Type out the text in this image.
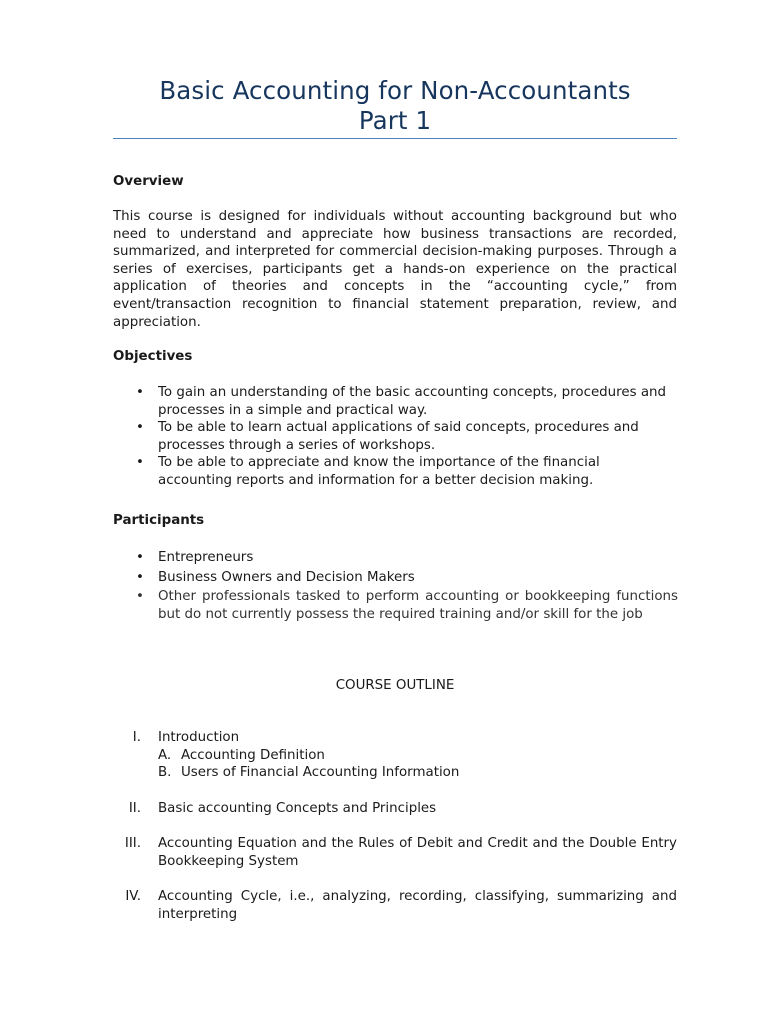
Basic Accounting for Non-Accountants
Part 1
Overview
This course is designed for individuals without accounting background but who need to understand and appreciate how business transactions are recorded, summarized, and interpreted for commercial decision-making purposes. Through a series of exercises, participants get a hands-on experience on the practical application of theories and concepts in the “accounting cycle,” from event/transaction recognition to financial statement preparation, review, and appreciation.
Objectives
• To gain an understanding of the basic accounting concepts, procedures and processes in a simple and practical way.
• To be able to learn actual applications of said concepts, procedures and processes through a series of workshops.
• To be able to appreciate and know the importance of the financial accounting reports and information for a better decision making.
Participants
• Entrepreneurs
• Business Owners and Decision Makers
• Other professionals tasked to perform accounting or bookkeeping functions but do not currently possess the required training and/or skill for the job
COURSE OUTLINE
I. Introduction
A. Accounting Definition
B. Users of Financial Accounting Information
II. Basic accounting Concepts and Principles
III. Accounting Equation and the Rules of Debit and Credit and the Double Entry Bookkeeping System
IV. Accounting Cycle, i.e., analyzing, recording, classifying, summarizing and interpreting
